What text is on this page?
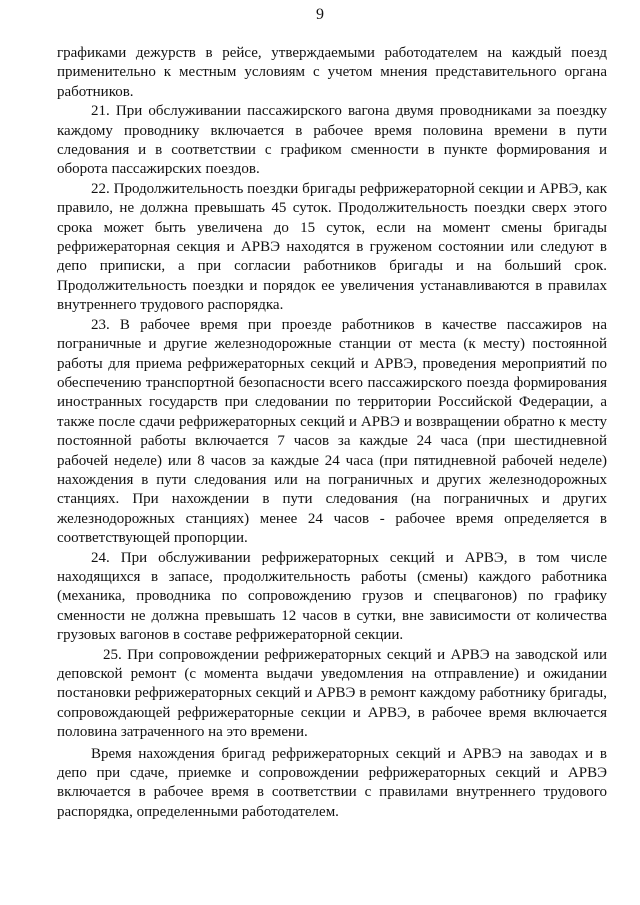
9

графиками дежурств в рейсе, утверждаемыми работодателем на каждый поезд применительно к местным условиям с учетом мнения представительного органа работников.

21. При обслуживании пассажирского вагона двумя проводниками за поездку каждому проводнику включается в рабочее время половина времени в пути следования и в соответствии с графиком сменности в пункте формирования и оборота пассажирских поездов.

22. Продолжительность поездки бригады рефрижераторной секции и АРВЭ, как правило, не должна превышать 45 суток. Продолжительность поездки сверх этого срока может быть увеличена до 15 суток, если на момент смены бригады рефрижераторная секция и АРВЭ находятся в груженом состоянии или следуют в депо приписки, а при согласии работников бригады и на больший срок. Продолжительность поездки и порядок ее увеличения устанавливаются в правилах внутреннего трудового распорядка.

23. В рабочее время при проезде работников в качестве пассажиров на пограничные и другие железнодорожные станции от места (к месту) постоянной работы для приема рефрижераторных секций и АРВЭ, проведения мероприятий по обеспечению транспортной безопасности всего пассажирского поезда формирования иностранных государств при следовании по территории Российской Федерации, а также после сдачи рефрижераторных секций и АРВЭ и возвращении обратно к месту постоянной работы включается 7 часов за каждые 24 часа (при шестидневной рабочей неделе) или 8 часов за каждые 24 часа (при пятидневной рабочей неделе) нахождения в пути следования или на пограничных и других железнодорожных станциях. При нахождении в пути следования (на пограничных и других железнодорожных станциях) менее 24 часов - рабочее время определяется в соответствующей пропорции.

24. При обслуживании рефрижераторных секций и АРВЭ, в том числе находящихся в запасе, продолжительность работы (смены) каждого работника (механика, проводника по сопровождению грузов и спецвагонов) по графику сменности не должна превышать 12 часов в сутки, вне зависимости от количества грузовых вагонов в составе рефрижераторной секции.

25. При сопровождении рефрижераторных секций и АРВЭ на заводской или деповской ремонт (с момента выдачи уведомления на отправление) и ожидании постановки рефрижераторных секций и АРВЭ в ремонт каждому работнику бригады, сопровождающей рефрижераторные секции и АРВЭ, в рабочее время включается половина затраченного на это времени.

Время нахождения бригад рефрижераторных секций и АРВЭ на заводах и в депо при сдаче, приемке и сопровождении рефрижераторных секций и АРВЭ включается в рабочее время в соответствии с правилами внутреннего трудового распорядка, определенными работодателем.
